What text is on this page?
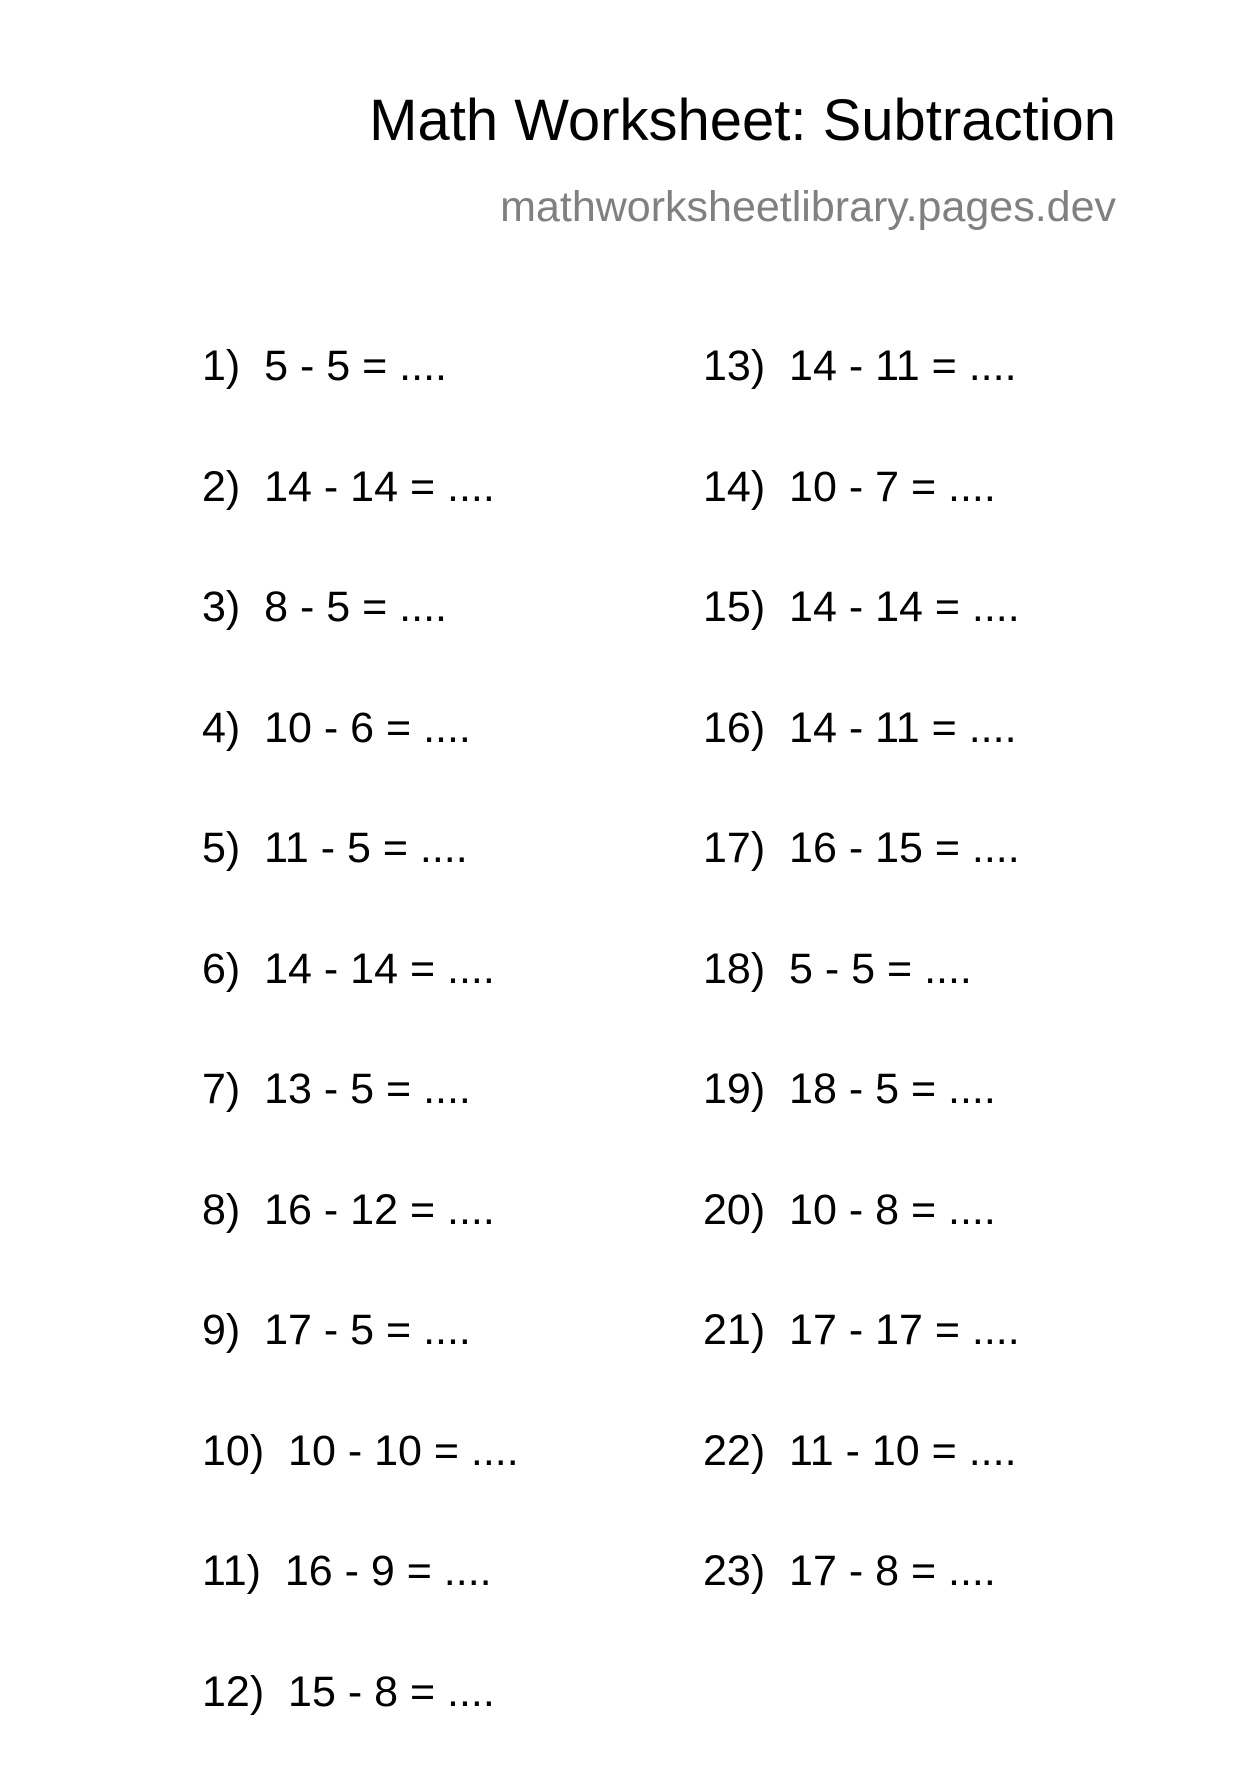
Math Worksheet: Subtraction
mathworksheetlibrary.pages.dev
1)  5 - 5 = ....
2)  14 - 14 = ....
3)  8 - 5 = ....
4)  10 - 6 = ....
5)  11 - 5 = ....
6)  14 - 14 = ....
7)  13 - 5 = ....
8)  16 - 12 = ....
9)  17 - 5 = ....
10)  10 - 10 = ....
11)  16 - 9 = ....
12)  15 - 8 = ....
13)  14 - 11 = ....
14)  10 - 7 = ....
15)  14 - 14 = ....
16)  14 - 11 = ....
17)  16 - 15 = ....
18)  5 - 5 = ....
19)  18 - 5 = ....
20)  10 - 8 = ....
21)  17 - 17 = ....
22)  11 - 10 = ....
23)  17 - 8 = ....
